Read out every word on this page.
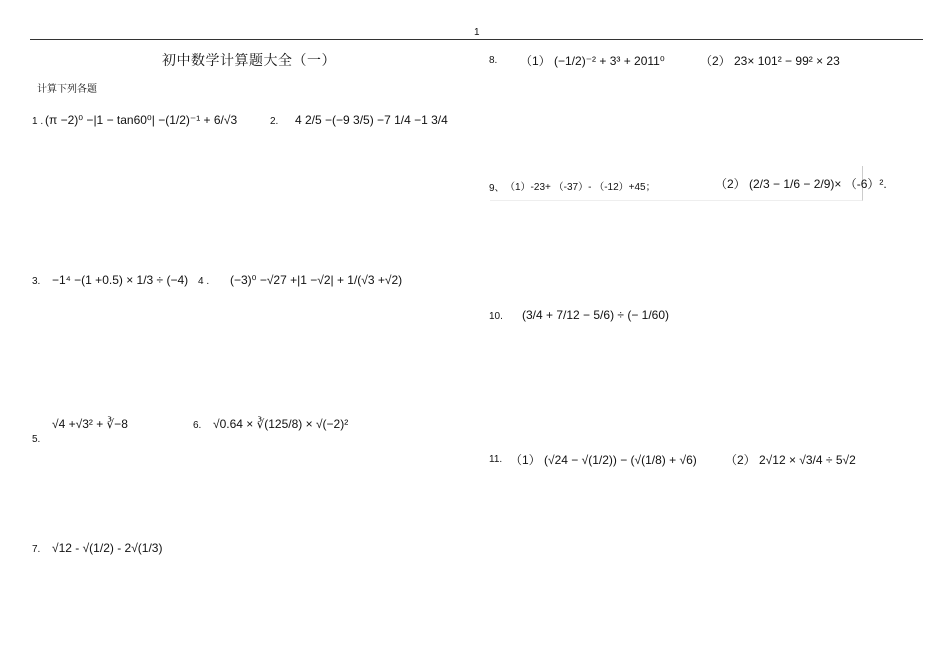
1
初中数学计算题大全（一）
计算下列各题
1 . (π −2)⁰ −|1 − tan60⁰| −(1/2)⁻¹ + 6/√3	2. 4 2/5 −(−9 3/5) −7 1/4 −1 3/4
3. −1⁴ −(1 +0.5) × 1/3 ÷ (−4) 4 . (−3)⁰ −√27 +|1 −√2| + 1/(√3 +√2)
5.
√4 +√3² + ∛−8	6. √0.64 × ∛(125/8) × √(−2)²
7. √12 - √(1/2) - 2√(1/3)
8. （1） (−1/2)⁻² + 3³ + 2011⁰	（2） 23× 101² − 99² × 23
9、 （1）-23+ （-37）- （-12）+45；	（2） (2/3 − 1/6 − 2/9)× （-6）².
10. (3/4 + 7/12 − 5/6) ÷ (− 1/60)
11. （1） (√24 − √(1/2)) − (√(1/8) + √6) （2） 2√12 × √3/4 ÷ 5√2
